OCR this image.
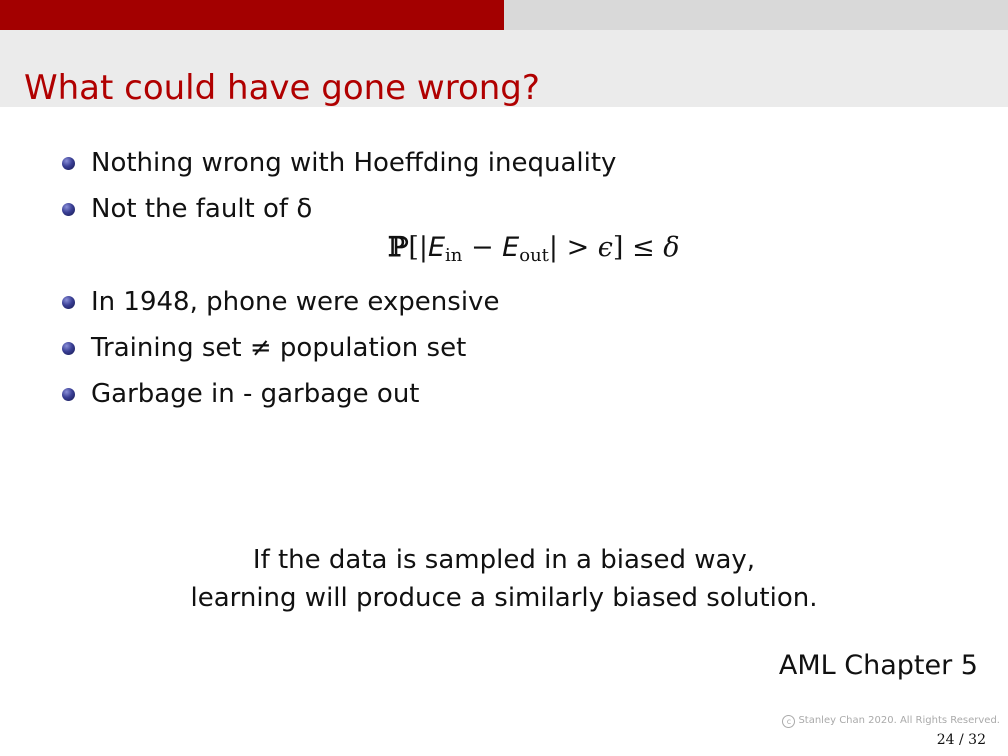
What could have gone wrong?
Nothing wrong with Hoeffding inequality
Not the fault of δ
$ℙ[|E_{in} - E_{out}| > \epsilon] \le \delta$
In 1948, phone were expensive
Training set ≠ population set
Garbage in - garbage out
If the data is sampled in a biased way,
learning will produce a similarly biased solution.
AML Chapter 5
c Stanley Chan 2020. All Rights Reserved.
24 / 32
